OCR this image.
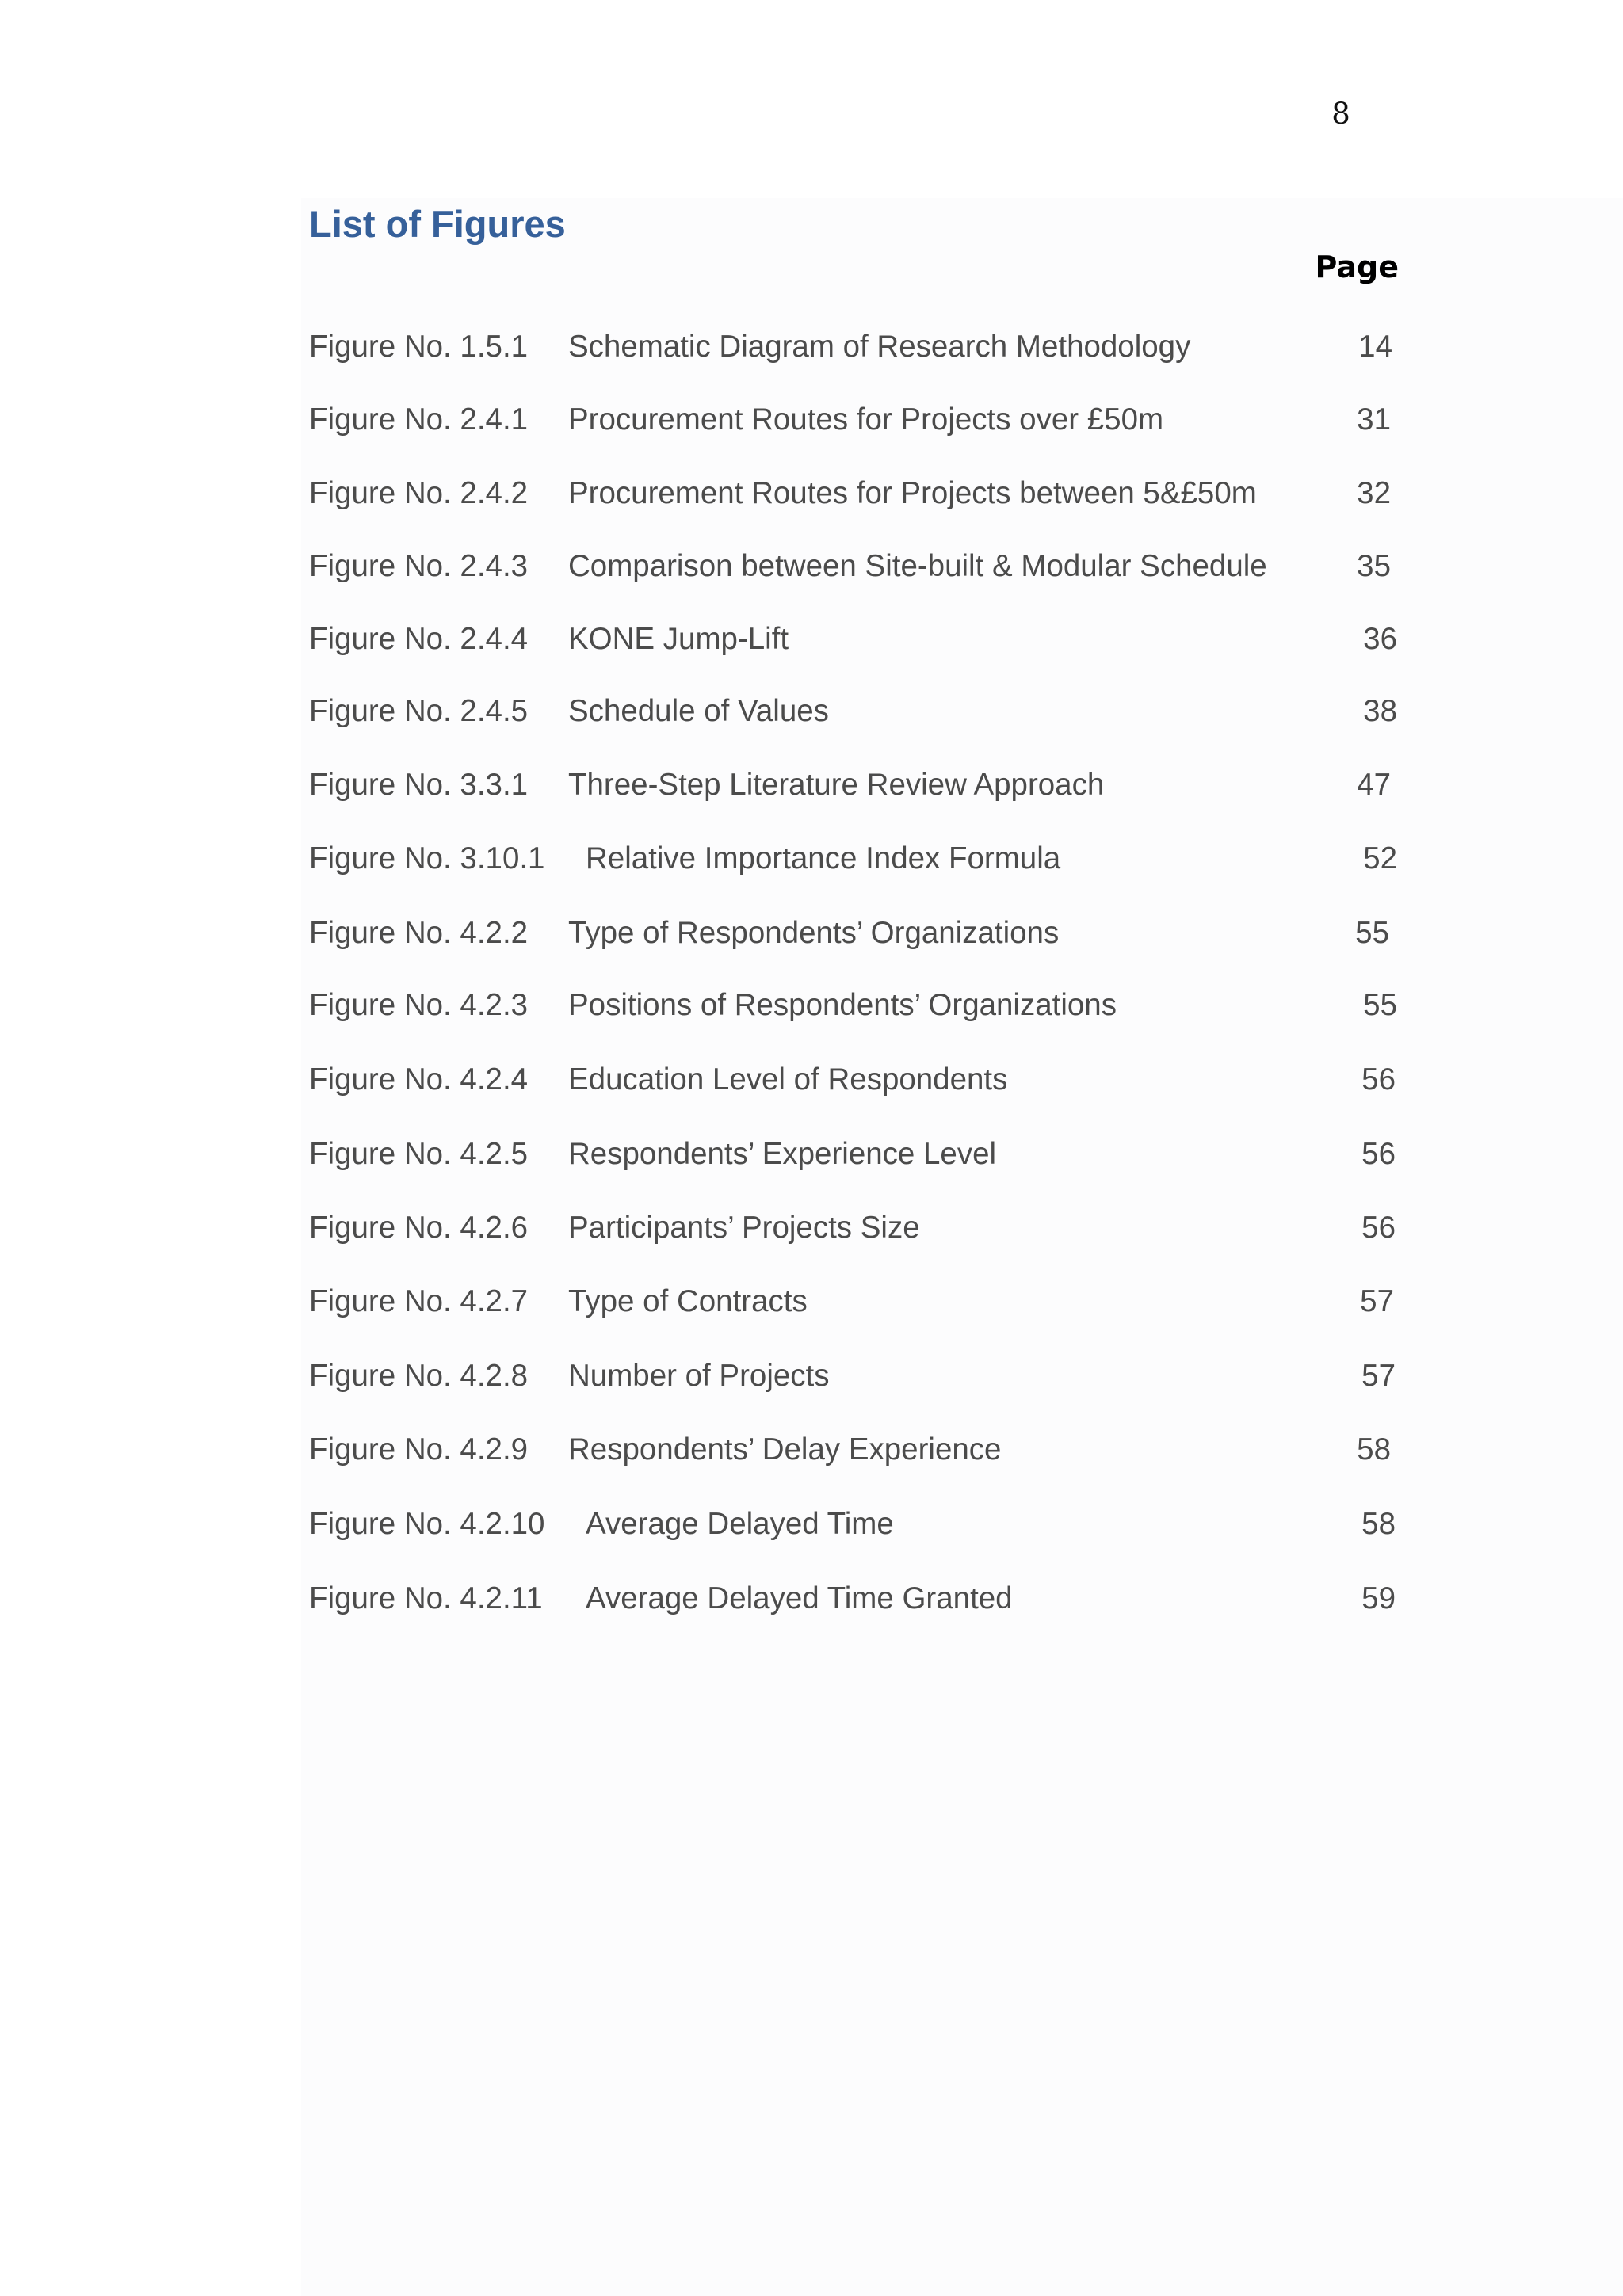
8
List of Figures
Page
Figure No. 1.5.1 Schematic Diagram of Research Methodology	14
Figure No. 2.4.1 Procurement Routes for Projects over £50m	31
Figure No. 2.4.2 Procurement Routes for Projects between 5&£50m	32
Figure No. 2.4.3 Comparison between Site-built & Modular Schedule	35
Figure No. 2.4.4 KONE Jump-Lift	36
Figure No. 2.4.5 Schedule of Values	38
Figure No. 3.3.1 Three-Step Literature Review Approach	47
Figure No. 3.10.1 Relative Importance Index Formula	52
Figure No. 4.2.2 Type of Respondents’ Organizations	55
Figure No. 4.2.3 Positions of Respondents’ Organizations	55
Figure No. 4.2.4 Education Level of Respondents	56
Figure No. 4.2.5 Respondents’ Experience Level	56
Figure No. 4.2.6 Participants’ Projects Size	56
Figure No. 4.2.7 Type of Contracts	57
Figure No. 4.2.8 Number of Projects	57
Figure No. 4.2.9 Respondents’ Delay Experience	58
Figure No. 4.2.10 Average Delayed Time	58
Figure No. 4.2.11 Average Delayed Time Granted	59
